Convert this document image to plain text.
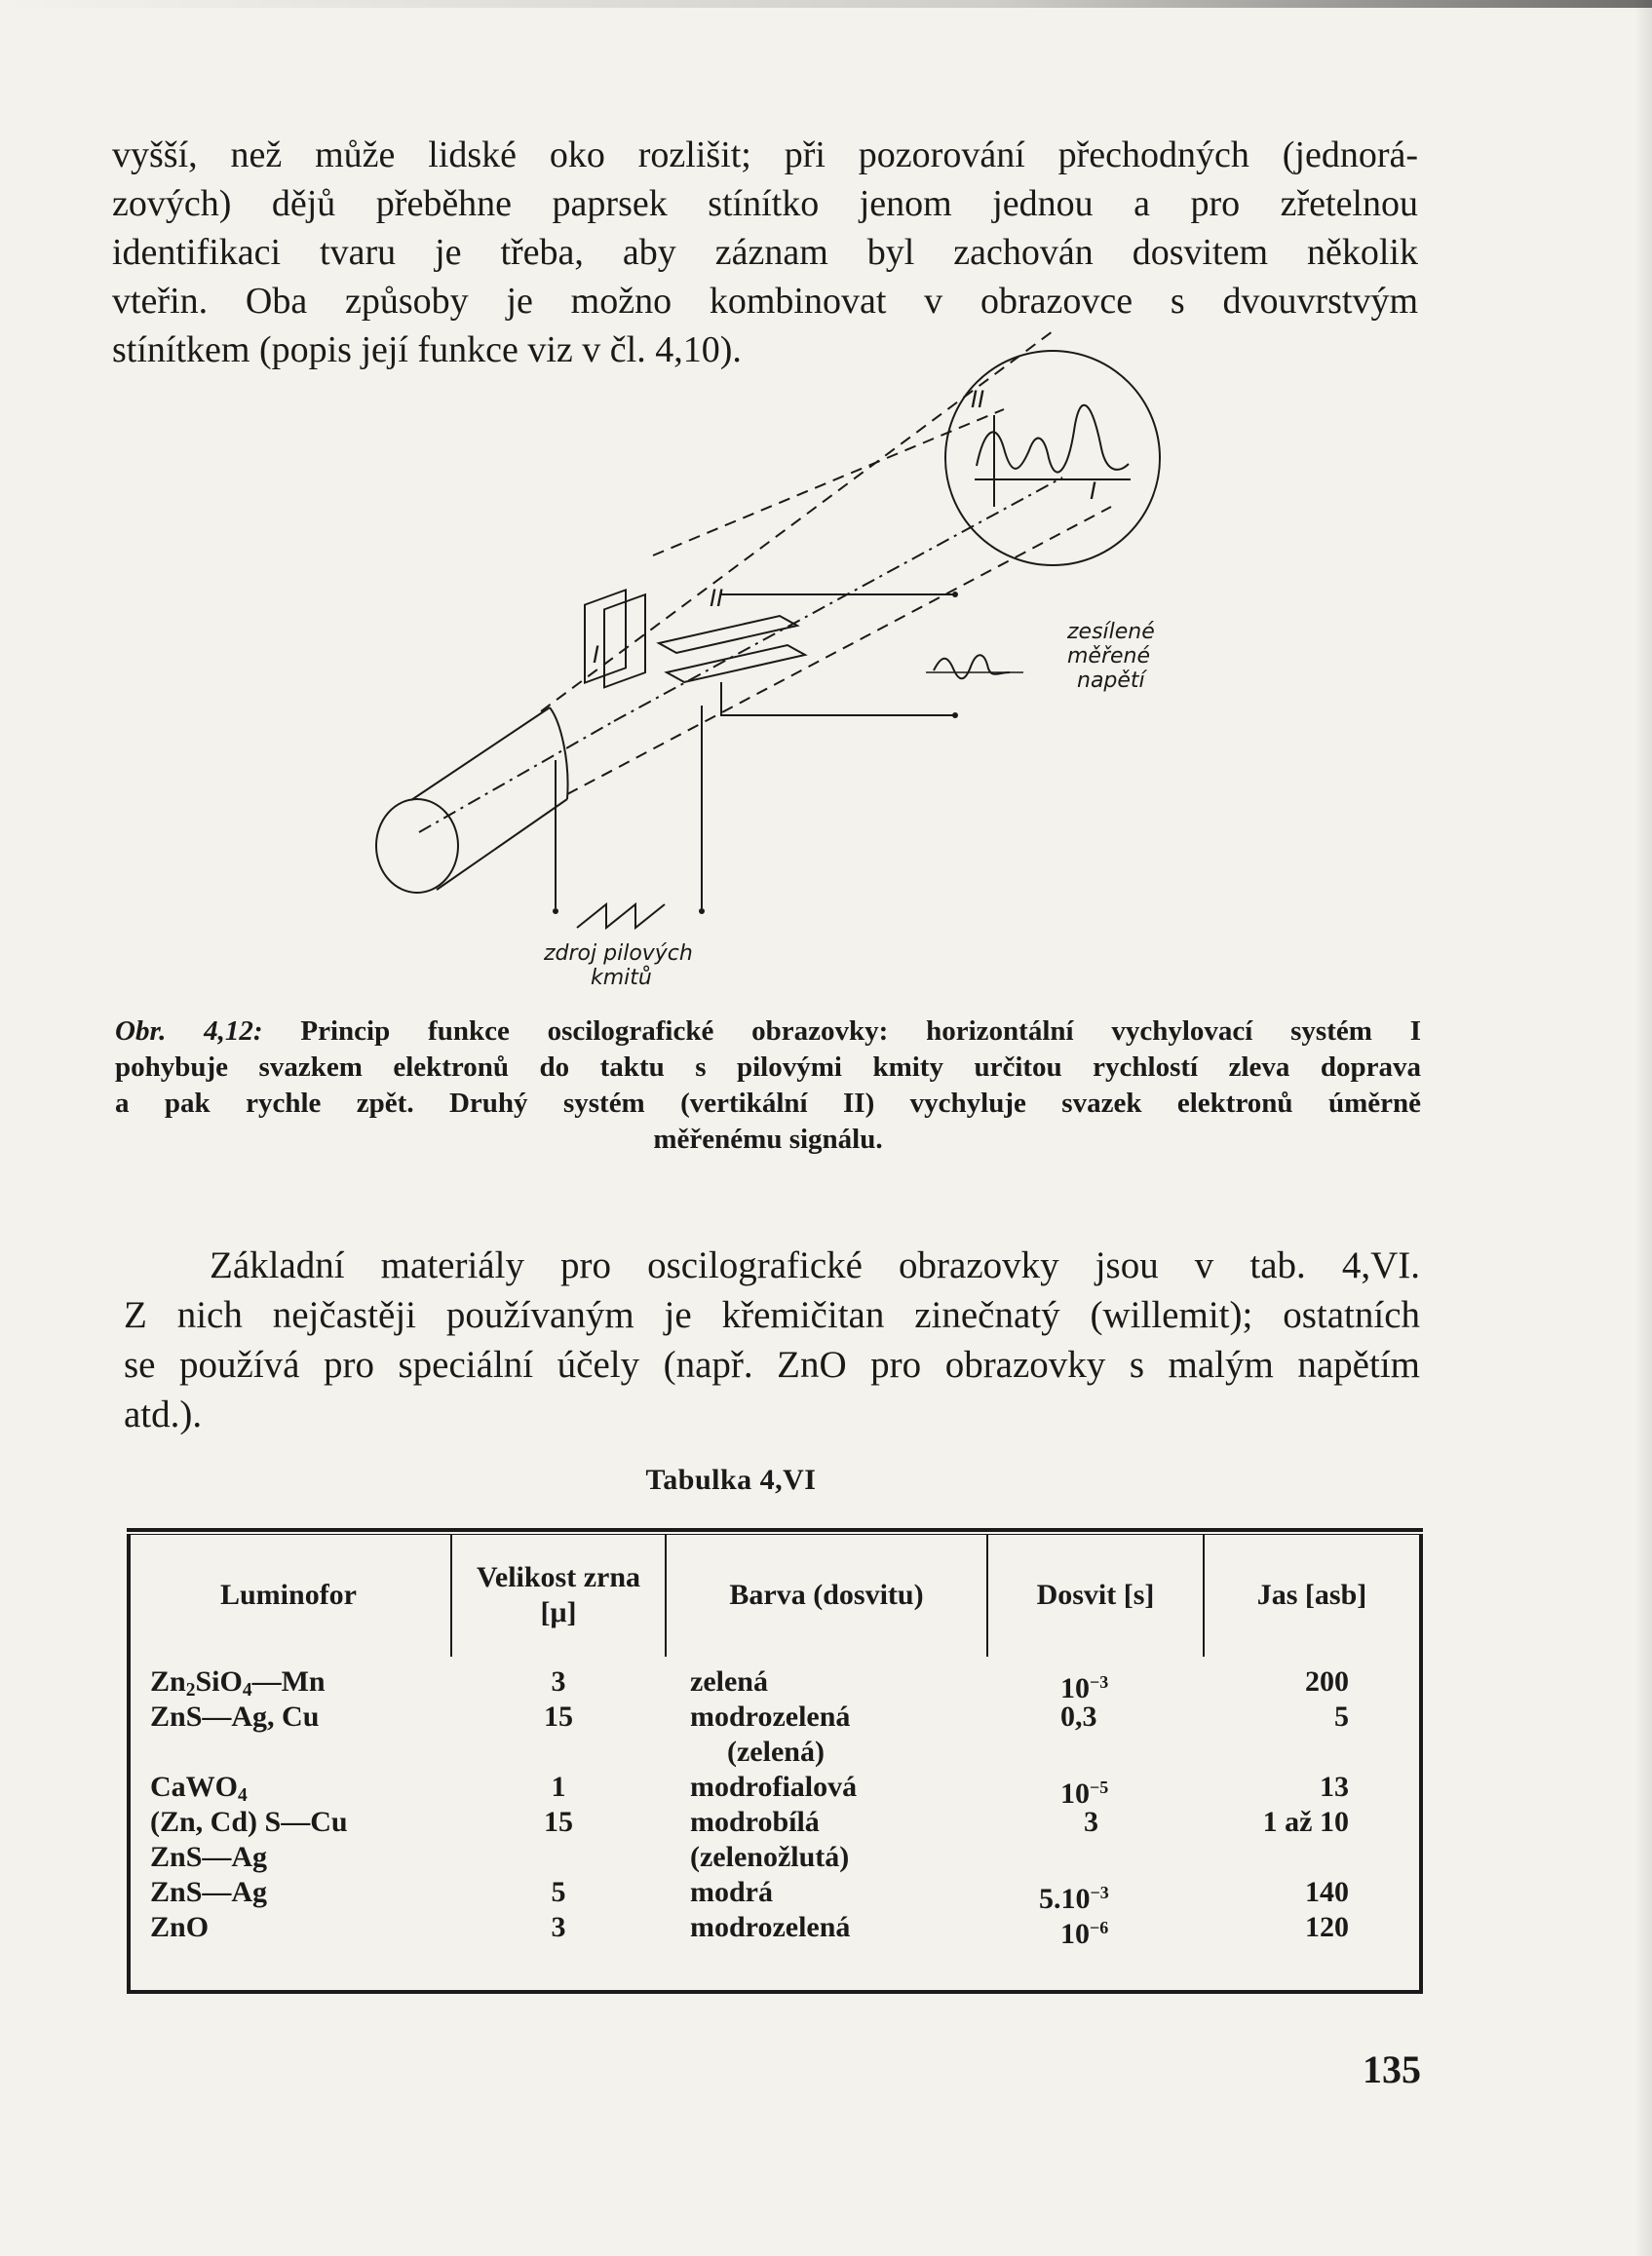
vyšší, než může lidské oko rozlišit; při pozorování přechodných (jednorá-
zových) dějů přeběhne paprsek stínítko jenom jednou a pro zřetelnou
identifikaci tvaru je třeba, aby záznam byl zachován dosvitem několik
vteřin. Oba způsoby je možno kombinovat v obrazovce s dvouvrstvým
stínítkem (popis její funkce viz v čl. 4,10).
I
II
I
II
zesílené
měřené
napětí
zdroj pilových
kmitů
Obr. 4,12: Princip funkce oscilografické obrazovky: horizontální vychylovací systém I
pohybuje svazkem elektronů do taktu s pilovými kmity určitou rychlostí zleva doprava
a pak rychle zpět. Druhý systém (vertikální II) vychyluje svazek elektronů úměrně
měřenému signálu.
Základní materiály pro oscilografické obrazovky jsou v tab. 4,VI.
Z nich nejčastěji používaným je křemičitan zinečnatý (willemit); ostatních
se používá pro speciální účely (např. ZnO pro obrazovky s malým napětím
atd.).
Tabulka 4,VI
Luminofor
Velikost zrna
[μ]
Barva (dosvitu)	Dosvit [s]	Jas [asb]
$Zn_2SiO_4—Mn$
ZnS—Ag, Cu
CaWO$_4$
(Zn, Cd) S—Cu
ZnS—Ag
ZnS—Ag
ZnO
3
15
1
15
5
3
zelená
modrozelená
(zelená)
modrofialová
modrobílá
(zelenožlutá)
modrá
modrozelená
$10^{-3}$
0,3
$10^{-5}$
3
$5.10^{-3}$
$10^{-6}$
200
5
13
1 až 10
140
120
135
